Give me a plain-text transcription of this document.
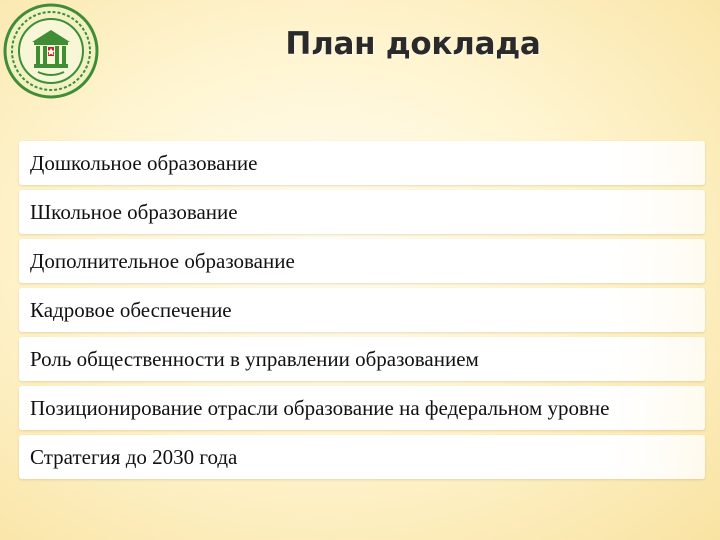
План доклада
Дошкольное образование
Школьное образование
Дополнительное образование
Кадровое обеспечение
Роль общественности в управлении образованием
Позиционирование отрасли образование на федеральном уровне
Стратегия до 2030 года
